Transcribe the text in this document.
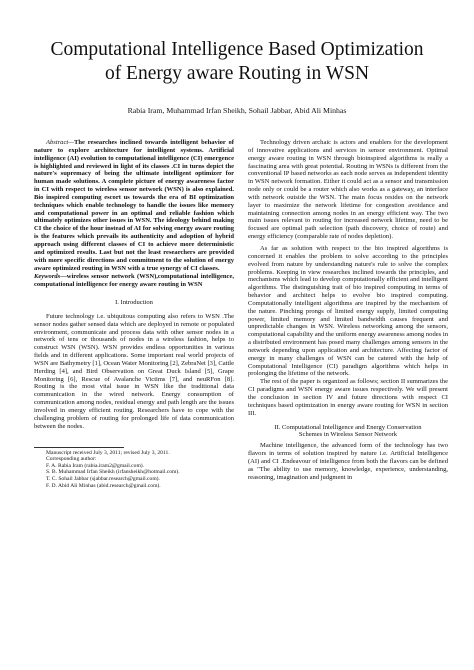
Computational Intelligence Based Optimization
of Energy aware Routing in WSN
Rabia Iram, Muhammad Irfan Sheikh, Sohail Jabbar, Abid Ali Minhas

Abstract—The researches inclined towards intelligent behavior of nature to explore architecture for intelligent systems. Artificial intelligence (AI) evolution to computational intelligence (CI) emergence is highlighted and reviewed in light of its classes .CI in turns depict the nature's supremacy of being the ultimate intelligent optimizer for human made solutions. A complete picture of energy awareness factor in CI with respect to wireless sensor network (WSN) is also explained. Bio inspired computing escort us towards the era of BI optimization techniques which enable technology to handle the issues like memory and computational power in an optimal and reliable fashion which ultimately optimizes other issues in WSN. The ideology behind making CI the choice of the hour instead of AI for solving energy aware routing is the features which prevails its authenticity and adoption of hybrid approach using different classes of CI to achieve more deterministic and optimized results. Last but not the least researchers are provided with more specific directions and commitment to the solution of energy aware optimized routing in WSN with a true synergy of CI classes.

Keywords—wireless sensor network (WSN),computational intelligence, computational intelligence for energy aware routing in WSN

I. Introduction

Future technology i.e. ubiquitous computing also refers to WSN .The sensor nodes gather sensed data which are deployed in remote or populated environment, communicate and process data with other sensor nodes in a network of tens or thousands of nodes in a wireless fashion, helps to construct WSN (WSN). WSN provides endless opportunities in various fields and in different applications. Some important real world projects of WSN are Bathymetry [1], Ocean Water Monitoring [2], ZebraNet [3], Cattle Herding [4], and Bird Observation on Great Duck Island [5], Grape Monitoring [6], Rescue of Avalanche Victims [7], and neuRFon [8]. Routing is the most vital issue in WSN like the traditional data communication in the wired network. Energy consumption of communication among nodes, residual energy and path length are the issues involved in energy efficient routing. Researchers have to cope with the challenging problem of routing for prolonged life of data communication between the nodes.

Manuscript received July 3, 2011; revised July 3, 2011.

Corresponding author:

F. A. Rabia Iram (rabia.iram2@gmail.com).

S. B. Muhammad Irfan Sheikh (irfansheikh@hotmail.com).

T. C. Sohail Jabbar (sjabbar.research@gmail.com).

F. D. Abid Ali Minhas (abid.research@gmail.com).

Technology driven archaic is actors and enablers for the development of innovative applications and services in sensor environment. Optimal energy aware routing in WSN through bioinspired algorithms is really a fascinating area with great potential. Routing in WSNs is different from the conventional IP based networks as each node serves as independent identity in WSN network formation. Either it could act as a sensor and transmission node only or could be a router which also works as a gateway, an interface with network outside the WSN. The main focus resides on the network layer to maximize the network lifetime for congestion avoidance and maintaining connection among nodes in an energy efficient way. The two main issues relevant to routing for increased network lifetime, need to be focused are optimal path selection (path discovery, choice of route) and energy efficiency (comparable rate of nodes depletion).

As far as solution with respect to the bio inspired algorithms is concerned it enables the problem to solve according to the principles evolved from nature by understanding nature's rule to solve the complex problems. Keeping in view researches inclined towards the principles, and mechanisms which lead to develop computationally efficient and intelligent algorithms. The distinguishing trait of bio inspired computing in terms of behavior and architect helps to evolve bio inspired computing. Computationally intelligent algorithms are inspired by the mechanism of the nature. Pinching prongs of limited energy supply, limited computing power, limited memory and limited bandwidth causes frequent and unpredictable changes in WSN. Wireless networking among the sensors, computational capability and the uniform energy awareness among nodes in a distributed environment has posed many challenges among sensors in the network depending upon application and architecture. Affecting factor of energy in many challenges of WSN can be catered with the help of Computational Intelligence (CI) paradigm algorithms which helps in prolonging the lifetime of the network.

The rest of the paper is organized as follows; section II summarizes the CI paradigms and WSN energy aware issues respectively. We will present the conclusion in section IV and future directions with respect CI techniques based optimization in energy aware routing for WSN in section III.

II. Computational Intelligence and Energy Conservation
Schemes in Wireless Sensor Network

Machine intelligence, the advanced form of the technology has two flavors in terms of solution inspired by nature i.e. Artificial Intelligence (AI) and CI .Endeavour of intelligence from both the flavors can be defined as "The ability to use memory, knowledge, experience, understanding, reasoning, imagination and judgment in
